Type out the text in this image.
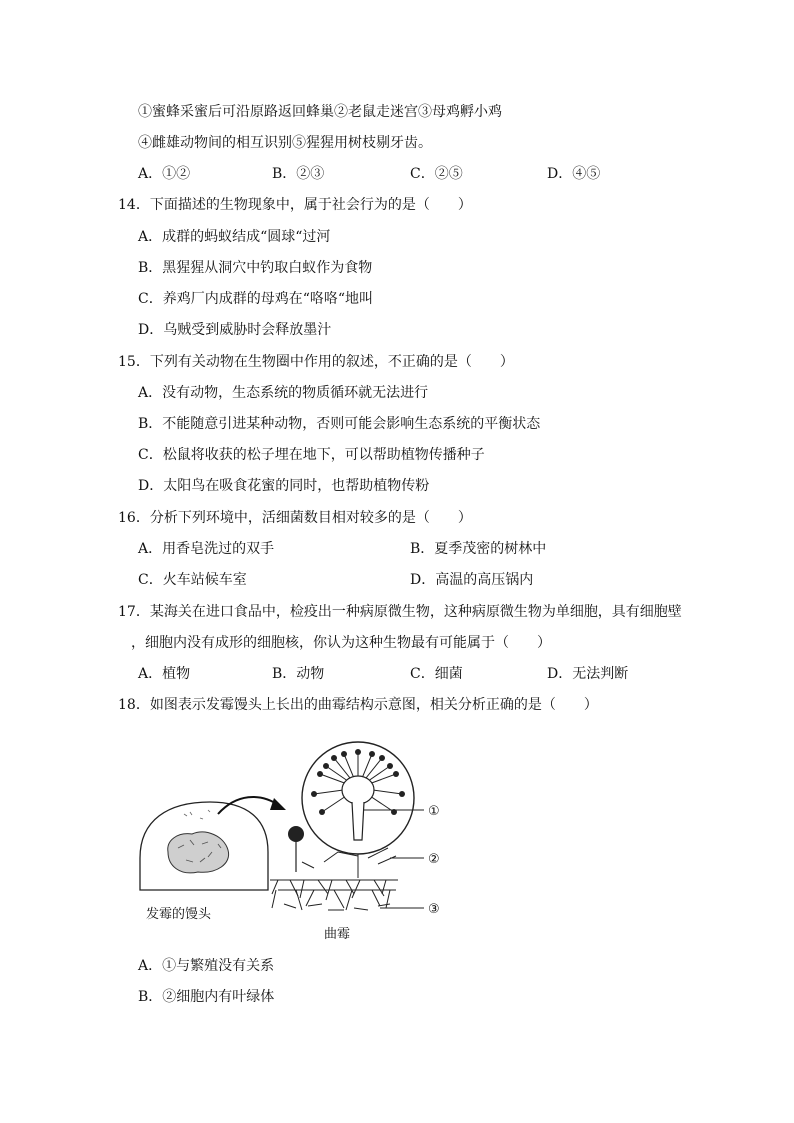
①蜜蜂采蜜后可沿原路返回蜂巢②老鼠走迷宫③母鸡孵小鸡
④雌雄动物间的相互识别⑤猩猩用树枝剔牙齿。
A．①②	B．②③	C．②⑤	D．④⑤
14．下面描述的生物现象中，属于社会行为的是（　　）
A．成群的蚂蚁结成“圆球“过河
B．黑猩猩从洞穴中钓取白蚁作为食物
C．养鸡厂内成群的母鸡在“咯咯“地叫
D．乌贼受到威胁时会释放墨汁
15．下列有关动物在生物圈中作用的叙述，不正确的是（　　）
A．没有动物，生态系统的物质循环就无法进行
B．不能随意引进某种动物，否则可能会影响生态系统的平衡状态
C．松鼠将收获的松子埋在地下，可以帮助植物传播种子
D．太阳鸟在吸食花蜜的同时，也帮助植物传粉
16．分析下列环境中，活细菌数目相对较多的是（　　）
A．用香皂洗过的双手	B．夏季茂密的树林中
C．火车站候车室	D．高温的高压锅内
17．某海关在进口食品中，检疫出一种病原微生物，这种病原微生物为单细胞，具有细胞壁
，细胞内没有成形的细胞核，你认为这种生物最有可能属于（　　）
A．植物	B．动物	C．细菌	D．无法判断
18．如图表示发霉馒头上长出的曲霉结构示意图，相关分析正确的是（　　）
①
②
③
发霉的馒头
曲霉
A．①与繁殖没有关系
B．②细胞内有叶绿体
